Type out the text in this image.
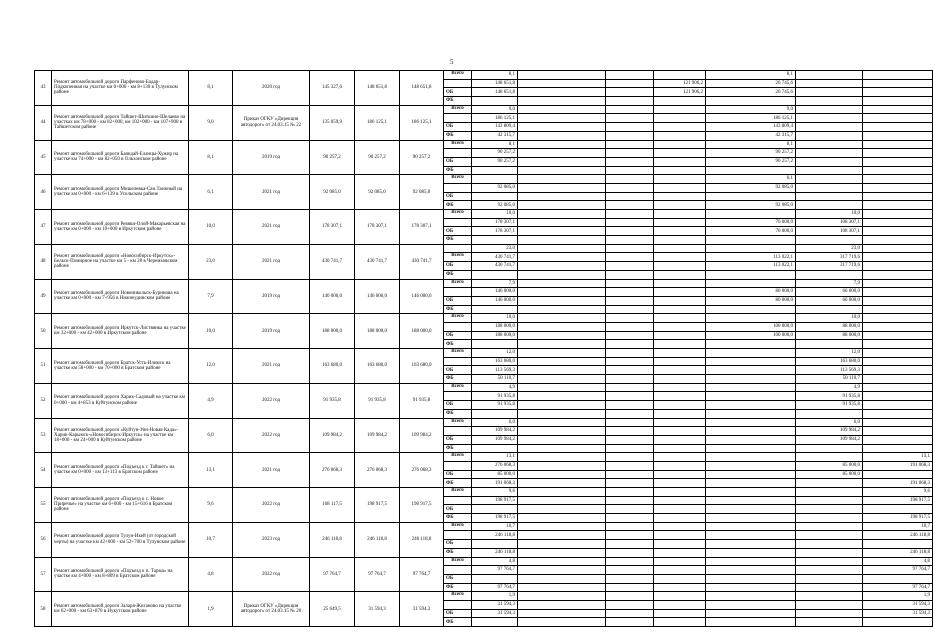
5
43	Ремонт автомобильной дороги Парфеново-Бадар-Подкопенная на участке км 0+000 - км 8+130 в Тулунском районе	8,1	2020 год	145 327,6	148 651,8	148 651,8	Всего	8,1				8,1		
								148 651,8			121 906,2	26 745,6		
							ОБ	148 651,8			121 906,2	26 745,6		
							ФБ							
44	Ремонт автомобильной дороги Тайшет-Шиткино-Шелаево на участках км 78+000 - км 82+000, км 102+000 - км 107+900 в Тайшетском районе	9,0	Приказ ОГКУ «Дирекция автодорог» от 24.03.15 № 22	135 059,9	186 125,1	186 125,1	Всего	9,0				9,0		
								186 125,1				186 125,1		
							ОБ	143 809,4				143 809,4		
							ФБ	42 315,7				42 315,7		
45	Ремонт автомобильной дороги Баяндай-Еланцы-Хужир на участке км 74+000 - км 82+050 в Ольхонском районе	8,1	2019 год	90 257,2	90 257,2	90 257,2	Всего	8,1				8,1		
								90 257,2				90 257,2		
							ОБ	90 257,2				90 257,2		
							ФБ							
46	Ремонт автомобильной дороги Мишелевка-Сан.Таежный на участке км 0+000 - км 6+139 в Усольском районе	6,1	2021 год	92 085,0	92 085,0	92 085,0	Всего					6,1		
								92 085,0				92 085,0		
							ОБ							
							ФБ	92 085,0				92 085,0		
47	Ремонт автомобильной дороги Ревяки-Олой-Макарьевская на участке км 0+000 - км 10+000 в Иркутском районе	10,0	2021 год	178 307,1	178 307,1	178 307,1	Всего	10,0					10,0	
								178 307,1				70 000,0	108 307,1	
							ОБ	178 307,1				70 000,0	108 307,1	
							ФБ							
48	Ремонт автомобильной дороги «Новосибирск-Иркутск»-Бельск-Помирное на участке км 5 - км 28 в Черемховском районе	23,0	2021 год	430 741,7	430 741,7	430 741,7		23,0					23,0	
							Всего	430 741,7				113 022,1	317 719,6	
							ОБ	430 741,7				113 022,1	317 719,6	
							ФБ							
49	Ремонт автомобильной дороги Новоникольск-Буринова на участке км 0+000 - км 7+956 в Нижнеудинском районе	7,9	2019 год	146 000,0	146 000,0	146 000,0	Всего	7,9					7,9	
								146 000,0				80 000,0	66 000,0	
							ОБ	146 000,0				80 000,0	66 000,0	
							ФБ							
50	Ремонт автомобильной дороги Иркутск-Листвянка на участке км 32+000 - км 42+000 в Иркутском районе	10,0	2019 год	188 000,0	188 000,0	188 000,0	Всего	10,0					10,0	
								188 000,0				100 000,0	88 000,0	
							ОБ	188 000,0				100 000,0	88 000,0	
							ФБ							
51	Ремонт автомобильной дороги Братск-Усть-Илимск на участке км 58+000 - км 70+000 в Братском районе	12,0	2021 год	163 680,0	163 680,0	163 680,0	Всего	12,0					12,0	
								163 680,0					163 680,0	
							ОБ	113 569,3					113 569,3	
							ФБ	50 110,7					50 110,7	
52	Ремонт автомобильной дороги Харик-Садовый на участке км 0+000 - км 4+853 в Куйтунском районе	4,9	2022 год	91 935,8	91 935,8	91 935,8	Всего	4,9					4,9	
								91 935,8					91 935,8	
							ОБ	91 935,8					91 935,8	
							ФБ							
53	Ремонт автомобильной дороги «Куйтун-Уян-Новая Када»-Харик-Карымск-«Новосибирск-Иркутск» на участке км 18+000 - км 24+000 в Куйтунском районе	6,0	2022 год	109 984,2	109 984,2	109 984,2	Всего	6,0					6,0	
								109 984,2					109 984,2	
							ОБ	109 984,2					109 984,2	
							ФБ							
54	Ремонт автомобильной дороги «Подъезд к г. Тайшет» на участке км 0+000 - км 13+113 в Братском районе	13,1	2021 год	276 068,3	276 068,3	276 068,3	Всего	13,1						13,1
								276 068,3					85 000,0	191 068,3
							ОБ	85 000,0					85 000,0	
							ФБ	191 068,3						191 068,3
55	Ремонт автомобильной дороги «Подъезд к с. Новое Приречье» на участке км 6+000 - км 15+616 в Братском районе	9,6	2022 год	168 117,5	198 917,5	198 917,5	Всего	9,6						9,6
								198 917,5						198 917,5
							ОБ							
							ФБ	198 917,5						198 917,5
56	Ремонт автомобильной дороги Тулун-Икей (от городской черты) на участке км 42+000 - км 52+700 в Тулунском районе	10,7	2023 год	246 118,8	246 118,8	246 118,8	Всего	10,7						10,7
								246 118,8						246 118,8
							ОБ							
							ФБ	246 118,8						246 118,8
57	Ремонт автомобильной дороги «Подъезд к п. Тарма» на участке км 4+000 - км 8+809 в Братском районе	4,8	2022 год	97 764,7	97 764,7	97 764,7	Всего	4,8						4,8
								97 764,7						97 764,7
							ОБ							
							ФБ	97 764,7						97 764,7
58	Ремонт автомобильной дороги Заларя-Жиганово на участке км 62+000 - км 63+870 в Нукутском районе	1,9	Приказ ОГКУ «Дирекция автодорог» от 24.03.15 № 20	25 649,5	31 594,3	31 594,3	Всего	1,9						1,9
								31 594,3						31 594,3
							ОБ	31 594,3						31 594,3
							ФБ							
